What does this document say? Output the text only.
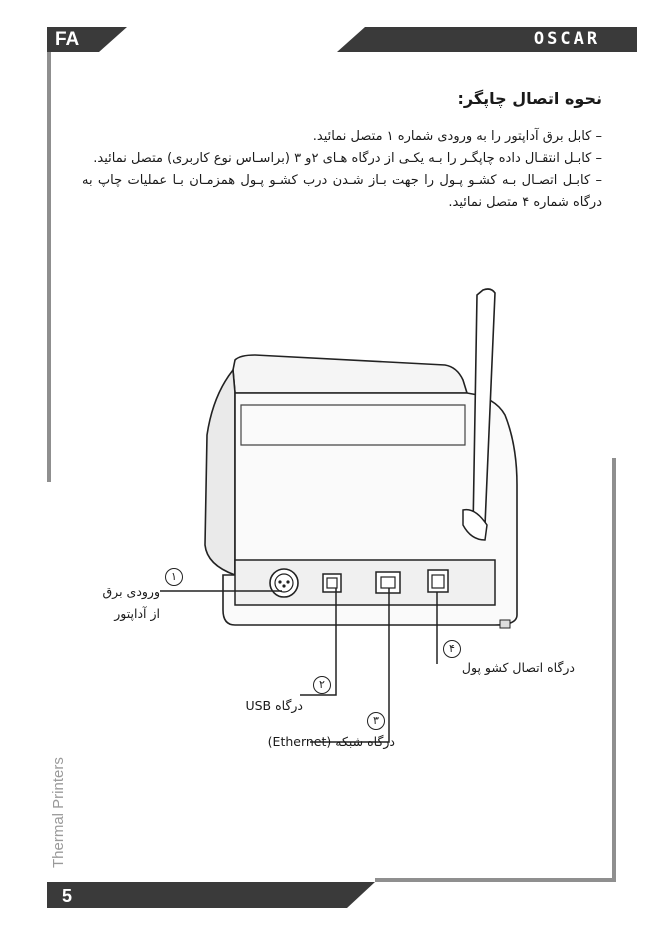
FA	OSCAR
نحوه اتصال چاپگر:
– کابل برق آداپتور را به ورودی شماره ۱ متصل نمائید.
– کابـل انتقـال داده چاپگـر را بـه یکـی از درگاه هـای ۲و ۳ (براسـاس نوع کاربری) متصل نمائید.
– کابـل اتصـال بـه کشـو پـول را جهت بـاز شـدن درب کشـو پـول همزمـان بـا عملیات چاپ به درگاه شماره ۴ متصل نمائید.
۱
ورودی برق
از آداپتور
۲
درگاه USB
۳
درگاه شبکه (Ethernet)
۴
درگاه اتصال کشو پول
Thermal Printers
5
